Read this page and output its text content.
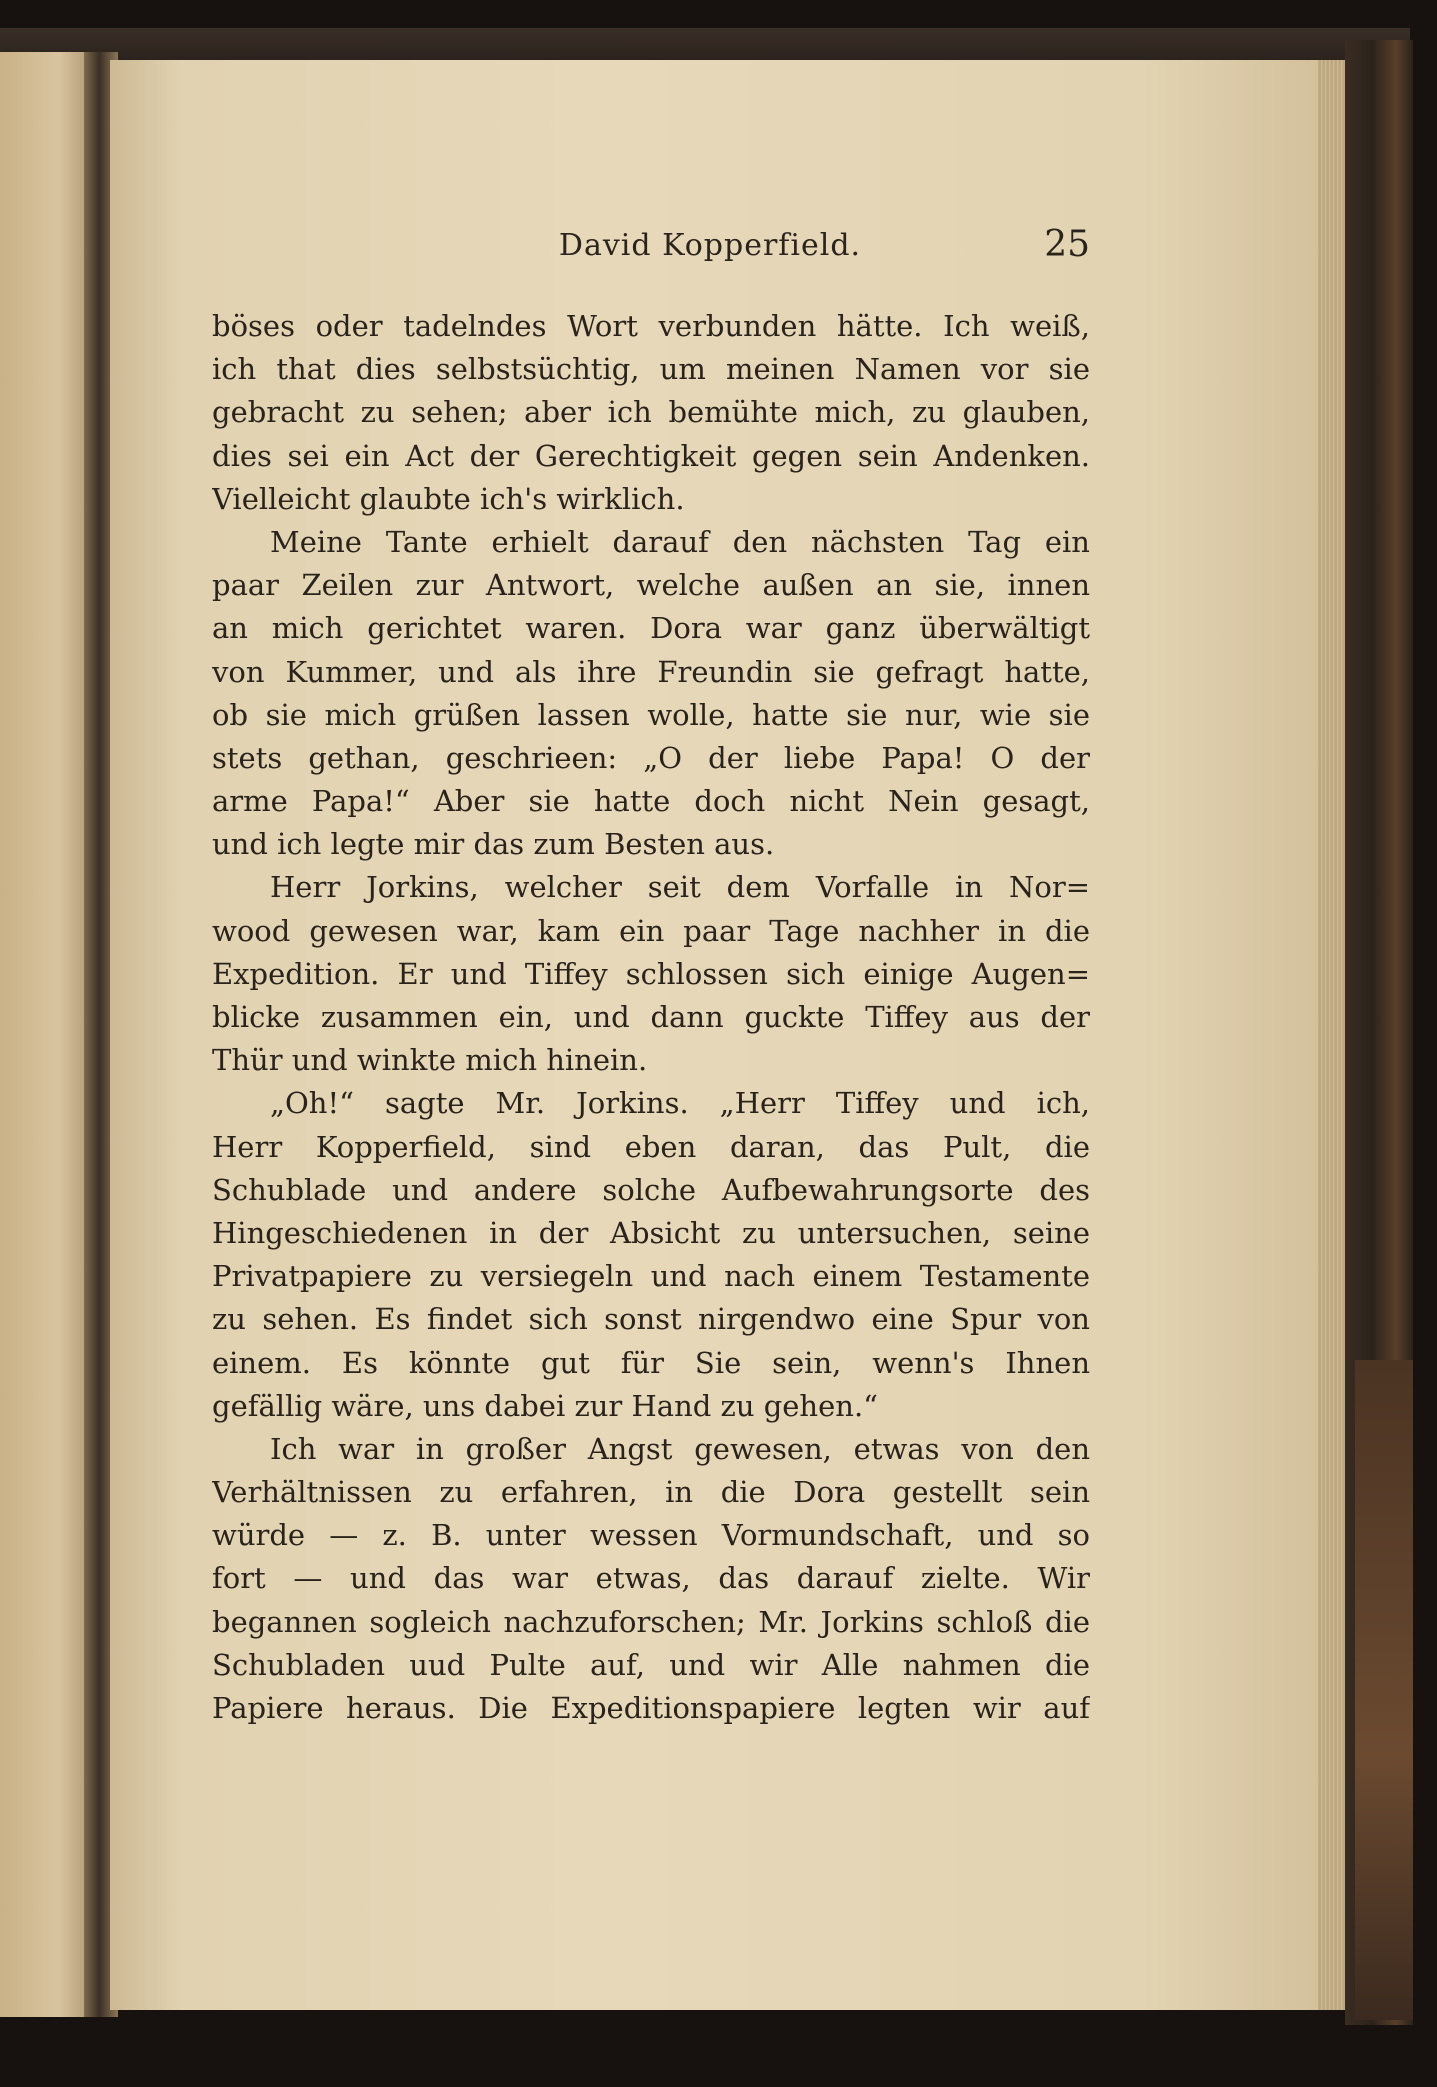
David Kopperfield.	25
böses oder tadelndes Wort verbunden hätte. Ich weiß,
ich that dies selbstsüchtig, um meinen Namen vor sie
gebracht zu sehen; aber ich bemühte mich, zu glauben,
dies sei ein Act der Gerechtigkeit gegen sein Andenken.
Vielleicht glaubte ich's wirklich.
Meine Tante erhielt darauf den nächsten Tag ein
paar Zeilen zur Antwort, welche außen an sie, innen
an mich gerichtet waren. Dora war ganz überwältigt
von Kummer, und als ihre Freundin sie gefragt hatte,
ob sie mich grüßen lassen wolle, hatte sie nur, wie sie
stets gethan, geschrieen: „O der liebe Papa! O der
arme Papa!“ Aber sie hatte doch nicht Nein gesagt,
und ich legte mir das zum Besten aus.
Herr Jorkins, welcher seit dem Vorfalle in Nor=
wood gewesen war, kam ein paar Tage nachher in die
Expedition. Er und Tiffey schlossen sich einige Augen=
blicke zusammen ein, und dann guckte Tiffey aus der
Thür und winkte mich hinein.
„Oh!“ sagte Mr. Jorkins. „Herr Tiffey und ich,
Herr Kopperfield, sind eben daran, das Pult, die
Schublade und andere solche Aufbewahrungsorte des
Hingeschiedenen in der Absicht zu untersuchen, seine
Privatpapiere zu versiegeln und nach einem Testamente
zu sehen. Es findet sich sonst nirgendwo eine Spur von
einem. Es könnte gut für Sie sein, wenn's Ihnen
gefällig wäre, uns dabei zur Hand zu gehen.“
Ich war in großer Angst gewesen, etwas von den
Verhältnissen zu erfahren, in die Dora gestellt sein
würde — z. B. unter wessen Vormundschaft, und so
fort — und das war etwas, das darauf zielte. Wir
begannen sogleich nachzuforschen; Mr. Jorkins schloß die
Schubladen uud Pulte auf, und wir Alle nahmen die
Papiere heraus. Die Expeditionspapiere legten wir auf
